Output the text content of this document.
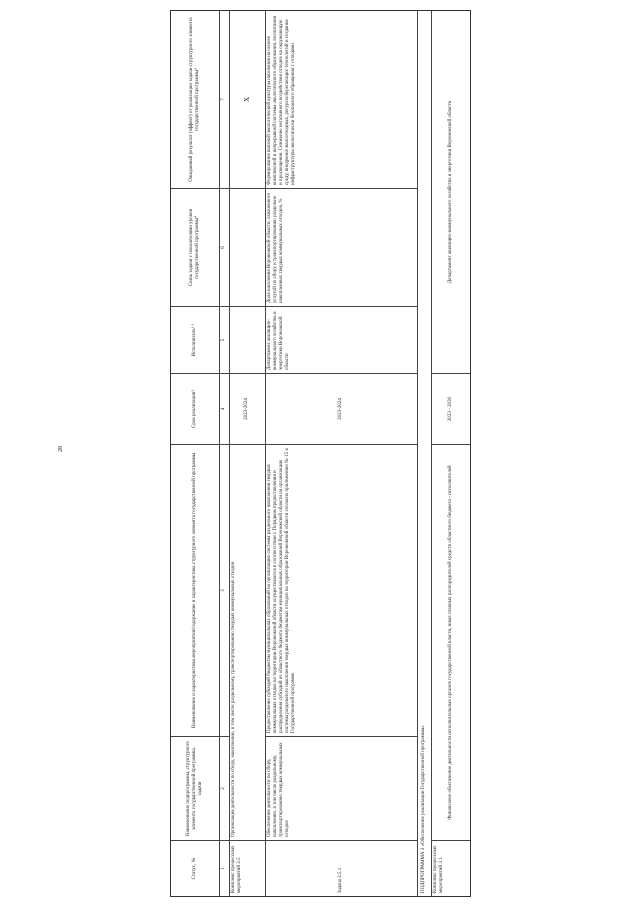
28
Статус, №
Наименование подпрограммы, структурного элемента государственной программы, задачи
Наименование и характеристика мероприятия/содержание и характеристика структурного элемента государственной программы
Срок реализации²
Исполнитель³·³
Связь задачи с показателями уровня государственной программы⁴
Ожидаемый результат (эффект) от реализации задачи структурного элемента государственной программы⁵
1
2
3
4
5
6
7
Комплекс процессных мероприятий 2.5
Организация деятельности по сбору, накоплению, в том числе раздельному, транспортированию твердых коммунальных отходов
2023-2024
Х
Задача 2.5.1
Обеспечение деятельности по сбору, накоплению, в том числе раздельному, транспортированию твердых коммунальных отходов
Предоставление субсидий бюджетам муниципальных образований на организацию системы раздельного накопления твердых коммунальных отходов на территории Воронежской области осуществляется в соответствии с Порядком предоставления и распределения субсидий из областного бюджета бюджетам муниципальных образований Воронежской области на организацию системы раздельного накопления твердых коммунальных отходов на территории Воронежской области согласно приложению № 15 к Государственной программе
2023-2024
Департамент жилищно-коммунального хозяйства и энергетики Воронежской области
Доля населения Воронежской области, охваченного услугой по сбору и транспортированию раздельно накопленных твердых коммунальных отходов, %
Формирование высокой экологической культуры населения на основе комплексной и непрерывной системы экологического образования, воспитания и просвещения. Снижение негативного воздействия отходов на окружающую среду, внедрение малоотходных, ресурсосберегающих технологий и создание инфраструктуры экологически безопасного обращения с отходами
ПОДПРОГРАММА 3 «Обеспечение реализации Государственной программы»	Комплекс процессных мероприятий 3.1
Финансовое обеспечение деятельности исполнительных органов государственной власти, иных главных распорядителей средств областного бюджета - исполнителей
2023 - 2030
Департамент жилищно-коммунального хозяйства и энергетики Воронежской области
